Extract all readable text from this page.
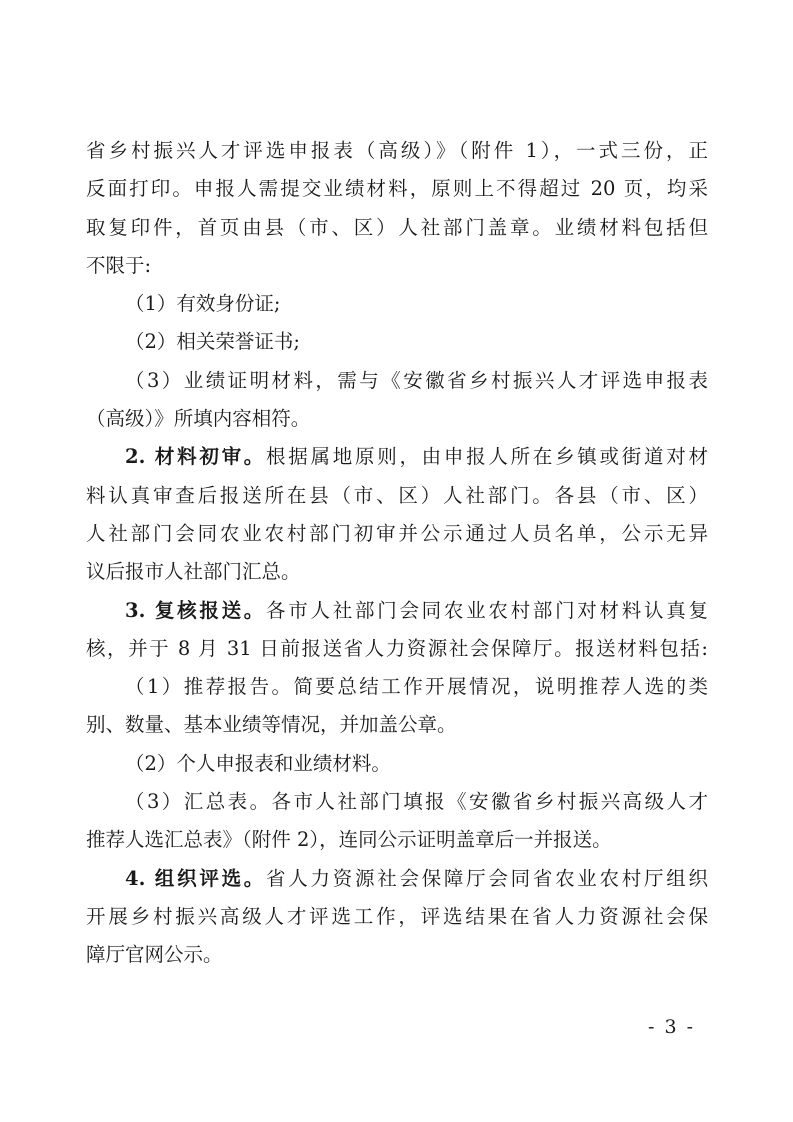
省乡村振兴人才评选申报表（高级）》（附件 1），一式三份，正
反面打印。申报人需提交业绩材料，原则上不得超过 20 页，均采
取复印件，首页由县（市、区）人社部门盖章。业绩材料包括但
不限于:
（1）有效身份证;
（2）相关荣誉证书;
（3）业绩证明材料，需与《安徽省乡村振兴人才评选申报表
（高级）》所填内容相符。
2. 材料初审。根据属地原则，由申报人所在乡镇或街道对材
料认真审查后报送所在县（市、区）人社部门。各县（市、区）
人社部门会同农业农村部门初审并公示通过人员名单，公示无异
议后报市人社部门汇总。
3. 复核报送。各市人社部门会同农业农村部门对材料认真复
核，并于 8 月 31 日前报送省人力资源社会保障厅。报送材料包括:
（1）推荐报告。简要总结工作开展情况，说明推荐人选的类
别、数量、基本业绩等情况，并加盖公章。
（2）个人申报表和业绩材料。
（3）汇总表。各市人社部门填报《安徽省乡村振兴高级人才
推荐人选汇总表》（附件 2），连同公示证明盖章后一并报送。
4. 组织评选。省人力资源社会保障厅会同省农业农村厅组织
开展乡村振兴高级人才评选工作，评选结果在省人力资源社会保
障厅官网公示。
- 3 -
